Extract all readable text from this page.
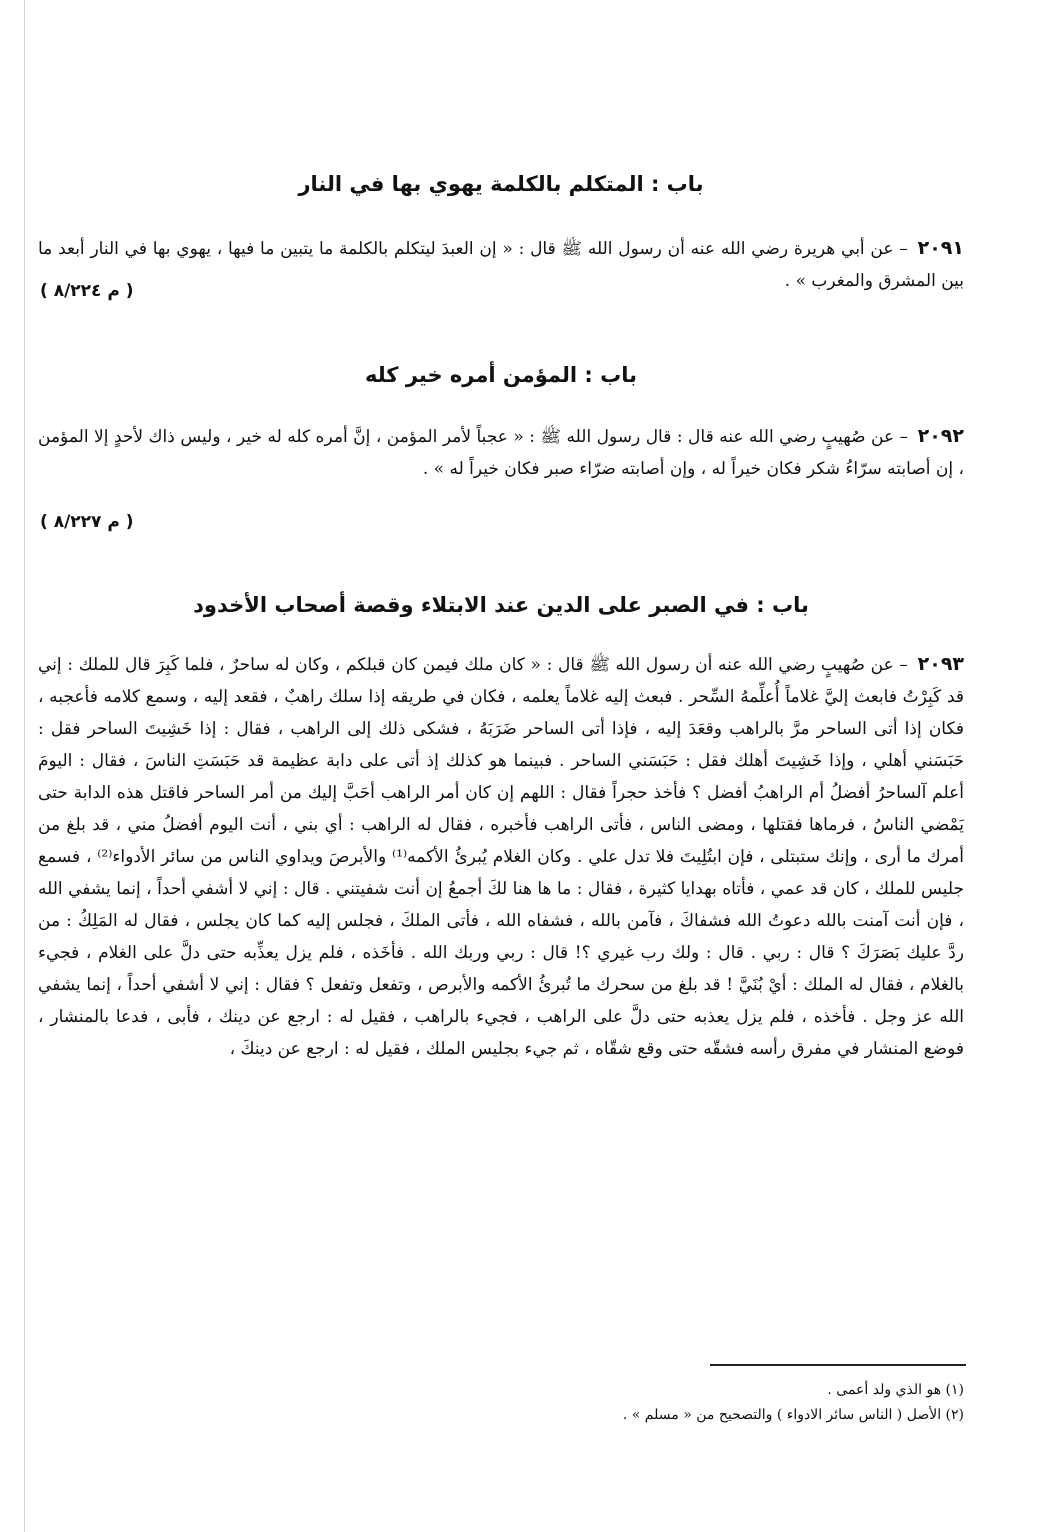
باب : المتكلم بالكلمة يهوي بها في النار
٢٠٩١ – عن أبي هريرة رضي الله عنه أن رسول الله ﷺ قال : « إن العبدَ ليتكلم بالكلمة ما يتبين ما فيها ، يهوي بها في النار أبعد ما بين المشرق والمغرب » .
( م ٨/٢٢٤ )
باب : المؤمن أمره خير كله
٢٠٩٢ – عن صُهيبٍ رضي الله عنه قال : قال رسول الله ﷺ : « عجباً لأمر المؤمن ، إنَّ أمره كله له خير ، وليس ذاك لأحدٍ إلا المؤمن ، إن أصابته سرّاءُ شكر فكان خيراً له ، وإن أصابته ضرّاء صبر فكان خيراً له » .
( م ٨/٢٢٧ )
باب : في الصبر على الدين عند الابتلاء وقصة أصحاب الأخدود
٢٠٩٣ – عن صُهيبٍ رضي الله عنه أن رسول الله ﷺ قال : « كان ملك فيمن كان قبلكم ، وكان له ساحرٌ ، فلما كَبِرَ قال للملك : إني قد كَبِرْتُ فابعث إليَّ غلاماً أُعلِّمهُ السِّحر . فبعث إليه غلاماً يعلمه ، فكان في طريقه إذا سلك راهبٌ ، فقعد إليه ، وسمع كلامه فأعجبه ، فكان إذا أتى الساحر مرَّ بالراهب وقعَدَ إليه ، فإذا أتى الساحر ضَرَبَهُ ، فشكى ذلك إلى الراهب ، فقال : إذا خَشِيتَ الساحر فقل : حَبَسَني أهلي ، وإذا خَشِيتَ أهلك فقل : حَبَسَني الساحر . فبينما هو كذلك إذ أتى على دابة عظيمة قد حَبَسَتِ الناسَ ، فقال : اليومَ أعلم آلساحرُ أفضلُ أم الراهبُ أفضل ؟ فأخذ حجراً فقال : اللهم إن كان أمر الراهب أحَبَّ إليك من أمر الساحر فاقتل هذه الدابة حتى يَمْضي الناسُ ، فرماها فقتلها ، ومضى الناس ، فأتى الراهب فأخبره ، فقال له الراهب : أي بني ، أنت اليوم أفضلُ مني ، قد بلغ من أمرك ما أرى ، وإنك ستبتلى ، فإن ابتُلِيتَ فلا تدل علي . وكان الغلام يُبرئُ الأكمه⁽¹⁾ والأبرصَ ويداوي الناس من سائر الأدواء⁽²⁾ ، فسمع جليس للملك ، كان قد عمي ، فأتاه بهدايا كثيرة ، فقال : ما ها هنا لكَ أجمعُ إن أنت شفيتني . قال : إني لا أشفي أحداً ، إنما يشفي الله ، فإن أنت آمنت بالله دعوتُ الله فشفاكَ ، فآمن بالله ، فشفاه الله ، فأتى الملكَ ، فجلس إليه كما كان يجلس ، فقال له المَلِكُ : من ردَّ عليك بَصَرَكَ ؟ قال : ربي . قال : ولك رب غيري ؟! قال : ربي وربك الله . فأخَذه ، فلم يزل يعذِّبه حتى دلَّ على الغلام ، فجيء بالغلام ، فقال له الملك : أيْ بُنَيَّ ! قد بلغ من سحرك ما تُبرئُ الأكمه والأبرص ، وتفعل وتفعل ؟ فقال : إني لا أشفي أحداً ، إنما يشفي الله عز وجل . فأخذه ، فلم يزل يعذبه حتى دلَّ على الراهب ، فجيء بالراهب ، فقيل له : ارجع عن دينك ، فأبى ، فدعا بالمنشار ، فوضع المنشار في مفرق رأسه فشقّه حتى وقع شقّاه ، ثم جيء بجليس الملك ، فقيل له : ارجع عن دينكَ ،
(١) هو الذي ولد أعمى .
(٢) الأصل ( الناس سائر الادواء ) والتصحيح من « مسلم » .
